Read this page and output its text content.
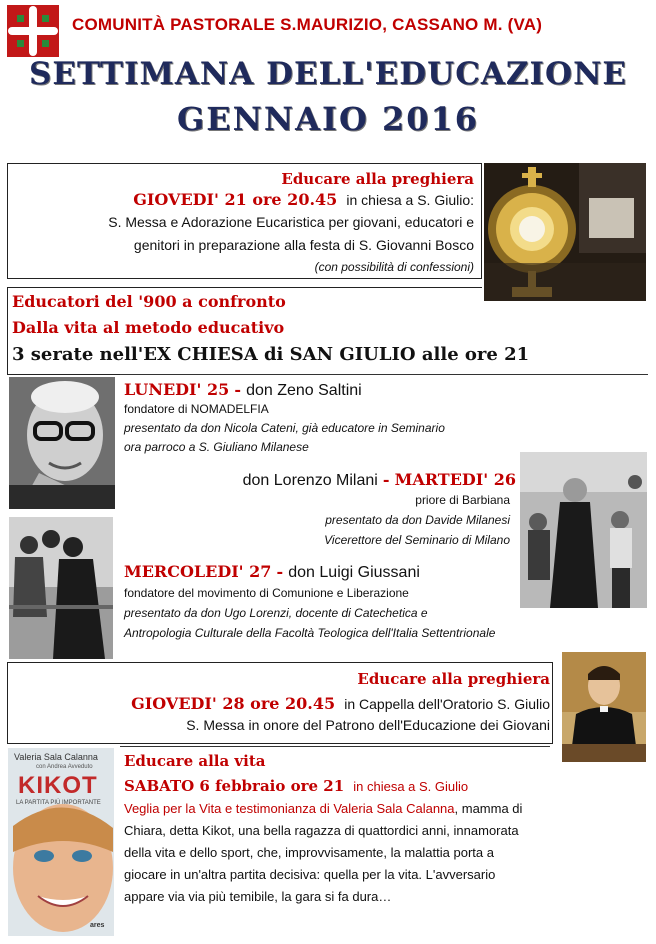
COMUNITÀ PASTORALE S.MAURIZIO, CASSANO M. (VA)
SETTIMANA DELL'EDUCAZIONE
GENNAIO 2016
Educare alla preghiera
GIOVEDI' 21 ore 20.45 in chiesa a S. Giulio:
S. Messa e Adorazione Eucaristica per giovani, educatori e
genitori in preparazione alla festa di S. Giovanni Bosco
(con possibilità di confessioni)
Educatori del '900 a confronto
Dalla vita al metodo educativo
3 serate nell'EX CHIESA di SAN GIULIO alle ore 21
LUNEDI' 25 - don Zeno Saltini
fondatore di NOMADELFIA
presentato da don Nicola Cateni, già educatore in Seminario
ora parroco a S. Giuliano Milanese
don Lorenzo Milani - MARTEDI' 26
priore di Barbiana
presentato da don Davide Milanesi
Vicerettore del Seminario di Milano
MERCOLEDI' 27 - don Luigi Giussani
fondatore del movimento di Comunione e Liberazione
presentato da don Ugo Lorenzi, docente di Catechetica e
Antropologia Culturale della Facoltà Teologica dell'Italia Settentrionale
Educare alla preghiera
GIOVEDI' 28 ore 20.45 in Cappella dell'Oratorio S. Giulio
S. Messa in onore del Patrono dell'Educazione dei Giovani
Valeria Sala Calanna
con Andrea Avveduto
KIKOT
LA PARTITA PIÙ IMPORTANTE
ares
Educare alla vita
SABATO 6 febbraio ore 21 in chiesa a S. Giulio
Veglia per la Vita e testimonianza di Valeria Sala Calanna, mamma di
Chiara, detta Kikot, una bella ragazza di quattordici anni, innamorata
della vita e dello sport, che, improvvisamente, la malattia porta a
giocare in un'altra partita decisiva: quella per la vita. L'avversario
appare via via più temibile, la gara si fa dura…
